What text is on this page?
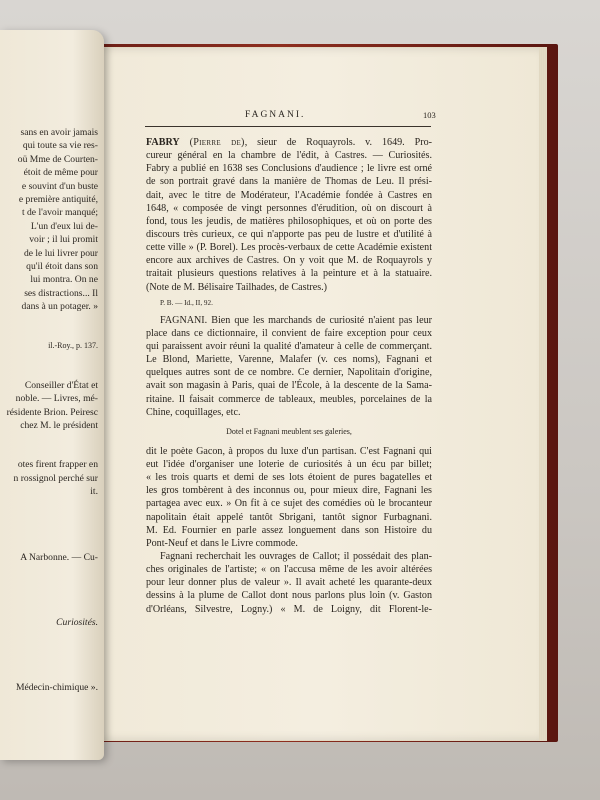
sans en avoir jamais
qui toute sa vie res-
oü Mme de Courten-
étoit de même pour
e souvint d'un buste
e première antiquité,
t de l'avoir manqué;
L'un d'eux lui de-
voir ; il lui promit
de le lui livrer pour
qu'il étoit dans son
lui montra. On ne
ses distractions... Il
dans à un potager. »
il.-Roy., p. 137.
Conseiller d'État et
noble. — Livres, mé-
résidente Brion. Peiresc
chez M. le président
otes firent frapper en
n rossignol perché sur
it.
A Narbonne. — Cu-
Curiosités.
Médecin-chimique ».
FAGNANI.	103
FABRY (Pierre de), sieur de Roquayrols. v. 1649. Pro-
cureur général en la chambre de l'édit, à Castres. — Curiosités.
Fabry a publié en 1638 ses Conclusions d'audience ; le livre est orné
de son portrait gravé dans la manière de Thomas de Leu. Il prési-
dait, avec le titre de Modérateur, l'Académie fondée à Castres en
1648, « composée de vingt personnes d'érudition, où on discourt à
fond, tous les jeudis, de matières philosophiques, et où on porte des
discours très curieux, ce qui n'apporte pas peu de lustre et d'utilité à
cette ville » (P. Borel). Les procès-verbaux de cette Académie existent
encore aux archives de Castres. On y voit que M. de Roquayrols y
traitait plusieurs questions relatives à la peinture et à la statuaire.
(Note de M. Bélisaire Tailhades, de Castres.)
P. B. — Id., II, 92.
FAGNANI. Bien que les marchands de curiosité n'aient pas leur
place dans ce dictionnaire, il convient de faire exception pour ceux
qui paraissent avoir réuni la qualité d'amateur à celle de commerçant.
Le Blond, Mariette, Varenne, Malafer (v. ces noms), Fagnani et
quelques autres sont de ce nombre. Ce dernier, Napolitain d'origine,
avait son magasin à Paris, quai de l'École, à la descente de la Sama-
ritaine. Il faisait commerce de tableaux, meubles, porcelaines de la
Chine, coquillages, etc.
Dotel et Fagnani meublent ses galeries,
dit le poète Gacon, à propos du luxe d'un partisan. C'est Fagnani qui
eut l'idée d'organiser une loterie de curiosités à un écu par billet;
« les trois quarts et demi de ses lots étoient de pures bagatelles et
les gros tombèrent à des inconnus ou, pour mieux dire, Fagnani les
partagea avec eux. » On fit à ce sujet des comédies où le brocanteur
napolitain était appelé tantôt Sbrigani, tantôt signor Furbagnani.
M. Ed. Fournier en parle assez longuement dans son Histoire du
Pont-Neuf et dans le Livre commode.
Fagnani recherchait les ouvrages de Callot; il possédait des plan-
ches originales de l'artiste; « on l'accusa même de les avoir altérées
pour leur donner plus de valeur ». Il avait acheté les quarante-deux
dessins à la plume de Callot dont nous parlons plus loin (v. Gaston
d'Orléans, Silvestre, Logny.) « M. de Loigny, dit Florent-le-
